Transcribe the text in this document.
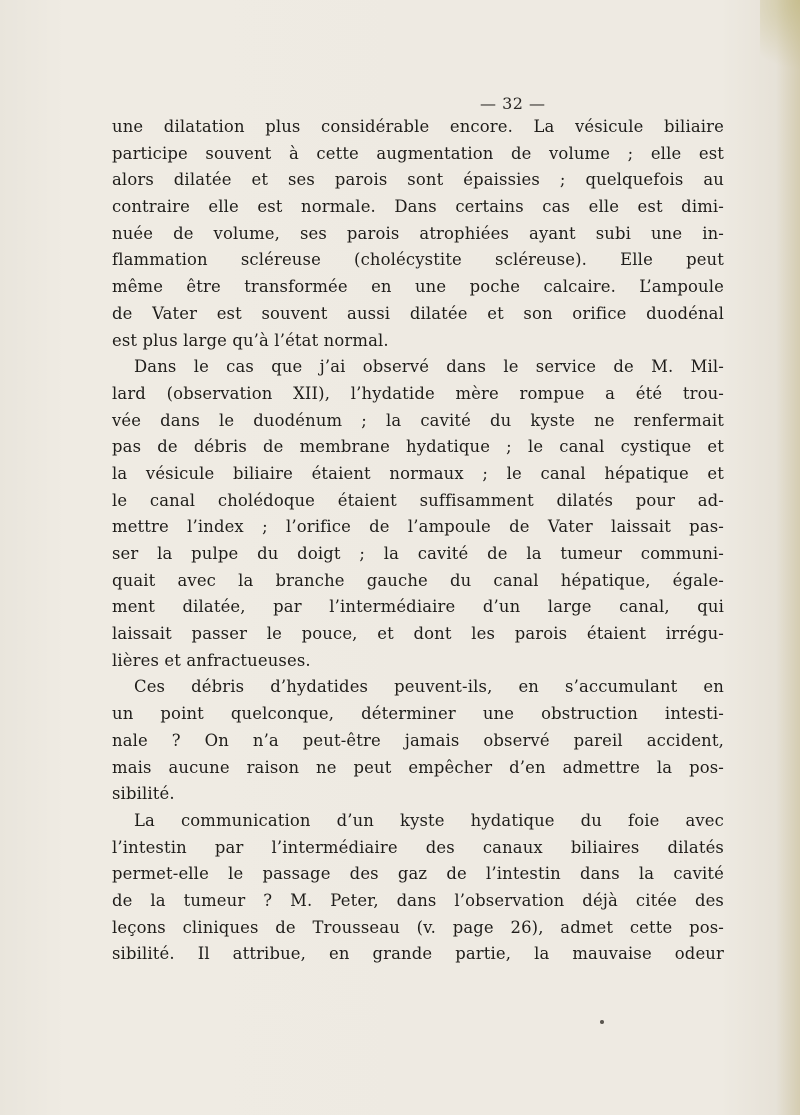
— 32 —
une dilatation plus considérable encore. La vésicule biliaire
participe souvent à cette augmentation de volume ; elle est
alors dilatée et ses parois sont épaissies ; quelquefois au
contraire elle est normale. Dans certains cas elle est dimi-
nuée de volume, ses parois atrophiées ayant subi une in-
flammation scléreuse (cholécystite scléreuse). Elle peut
même être transformée en une poche calcaire. L’ampoule
de Vater est souvent aussi dilatée et son orifice duodénal
est plus large qu’à l’état normal.
Dans le cas que j’ai observé dans le service de M. Mil-
lard (observation XII), l’hydatide mère rompue a été trou-
vée dans le duodénum ; la cavité du kyste ne renfermait
pas de débris de membrane hydatique ; le canal cystique et
la vésicule biliaire étaient normaux ; le canal hépatique et
le canal cholédoque étaient suffisamment dilatés pour ad-
mettre l’index ; l’orifice de l’ampoule de Vater laissait pas-
ser la pulpe du doigt ; la cavité de la tumeur communi-
quait avec la branche gauche du canal hépatique, égale-
ment dilatée, par l’intermédiaire d’un large canal, qui
laissait passer le pouce, et dont les parois étaient irrégu-
lières et anfractueuses.
Ces débris d’hydatides peuvent-ils, en s’accumulant en
un point quelconque, déterminer une obstruction intesti-
nale ? On n’a peut-être jamais observé pareil accident,
mais aucune raison ne peut empêcher d’en admettre la pos-
sibilité.
La communication d’un kyste hydatique du foie avec
l’intestin par l’intermédiaire des canaux biliaires dilatés
permet-elle le passage des gaz de l’intestin dans la cavité
de la tumeur ? M. Peter, dans l’observation déjà citée des
leçons cliniques de Trousseau (v. page 26), admet cette pos-
sibilité. Il attribue, en grande partie, la mauvaise odeur
